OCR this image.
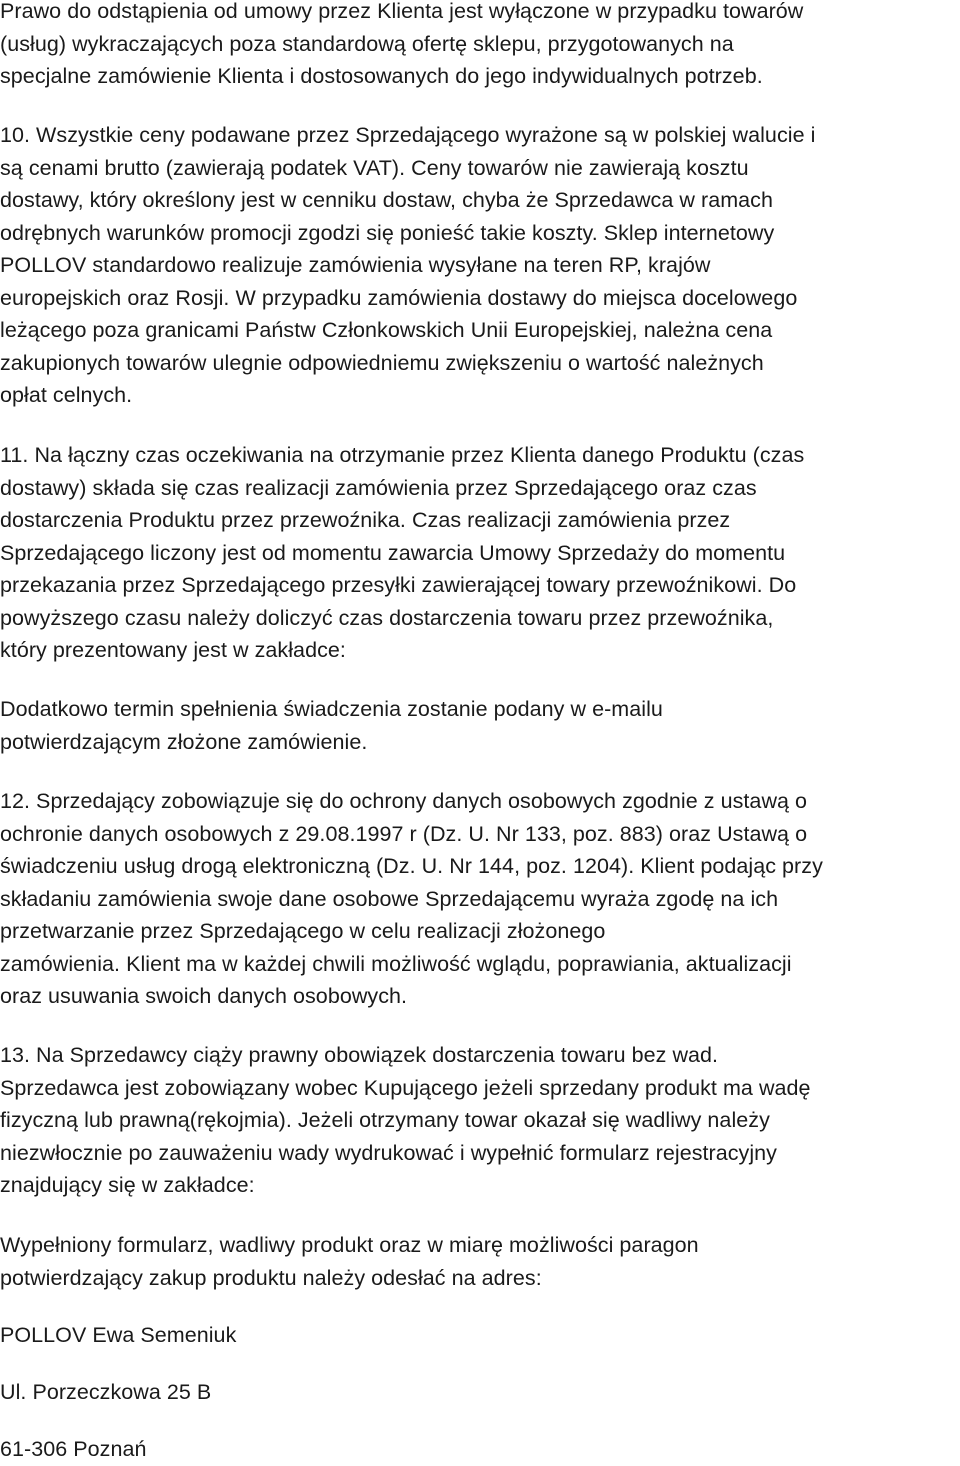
Prawo do odstąpienia od umowy przez Klienta jest wyłączone w przypadku towarów
(usług) wykraczających poza standardową ofertę sklepu, przygotowanych na
specjalne zamówienie Klienta i dostosowanych do jego indywidualnych potrzeb.
10. Wszystkie ceny podawane przez Sprzedającego wyrażone są w polskiej walucie i
są cenami brutto (zawierają podatek VAT). Ceny towarów nie zawierają kosztu
dostawy, który określony jest w cenniku dostaw, chyba że Sprzedawca w ramach
odrębnych warunków promocji zgodzi się ponieść takie koszty. Sklep internetowy
POLLOV standardowo realizuje zamówienia wysyłane na teren RP, krajów
europejskich oraz Rosji. W przypadku zamówienia dostawy do miejsca docelowego
leżącego poza granicami Państw Członkowskich Unii Europejskiej, należna cena
zakupionych towarów ulegnie odpowiedniemu zwiększeniu o wartość należnych
opłat celnych.
11. Na łączny czas oczekiwania na otrzymanie przez Klienta danego Produktu (czas
dostawy) składa się czas realizacji zamówienia przez Sprzedającego oraz czas
dostarczenia Produktu przez przewoźnika. Czas realizacji zamówienia przez
Sprzedającego liczony jest od momentu zawarcia Umowy Sprzedaży do momentu
przekazania przez Sprzedającego przesyłki zawierającej towary przewoźnikowi. Do
powyższego czasu należy doliczyć czas dostarczenia towaru przez przewoźnika,
który prezentowany jest w zakładce:
Dodatkowo termin spełnienia świadczenia zostanie podany w e-mailu
potwierdzającym złożone zamówienie.
12. Sprzedający zobowiązuje się do ochrony danych osobowych zgodnie z ustawą o
ochronie danych osobowych z 29.08.1997 r (Dz. U. Nr 133, poz. 883) oraz Ustawą o
świadczeniu usług drogą elektroniczną (Dz. U. Nr 144, poz. 1204). Klient podając przy
składaniu zamówienia swoje dane osobowe Sprzedającemu wyraża zgodę na ich
przetwarzanie przez Sprzedającego w celu realizacji złożonego
zamówienia. Klient ma w każdej chwili możliwość wglądu, poprawiania, aktualizacji
oraz usuwania swoich danych osobowych.
13. Na Sprzedawcy ciąży prawny obowiązek dostarczenia towaru bez wad.
Sprzedawca jest zobowiązany wobec Kupującego jeżeli sprzedany produkt ma wadę
fizyczną lub prawną(rękojmia). Jeżeli otrzymany towar okazał się wadliwy należy
niezwłocznie po zauważeniu wady wydrukować i wypełnić formularz rejestracyjny
znajdujący się w zakładce:
Wypełniony formularz, wadliwy produkt oraz w miarę możliwości paragon
potwierdzający zakup produktu należy odesłać na adres:
POLLOV Ewa Semeniuk
Ul. Porzeczkowa 25 B
61-306 Poznań
